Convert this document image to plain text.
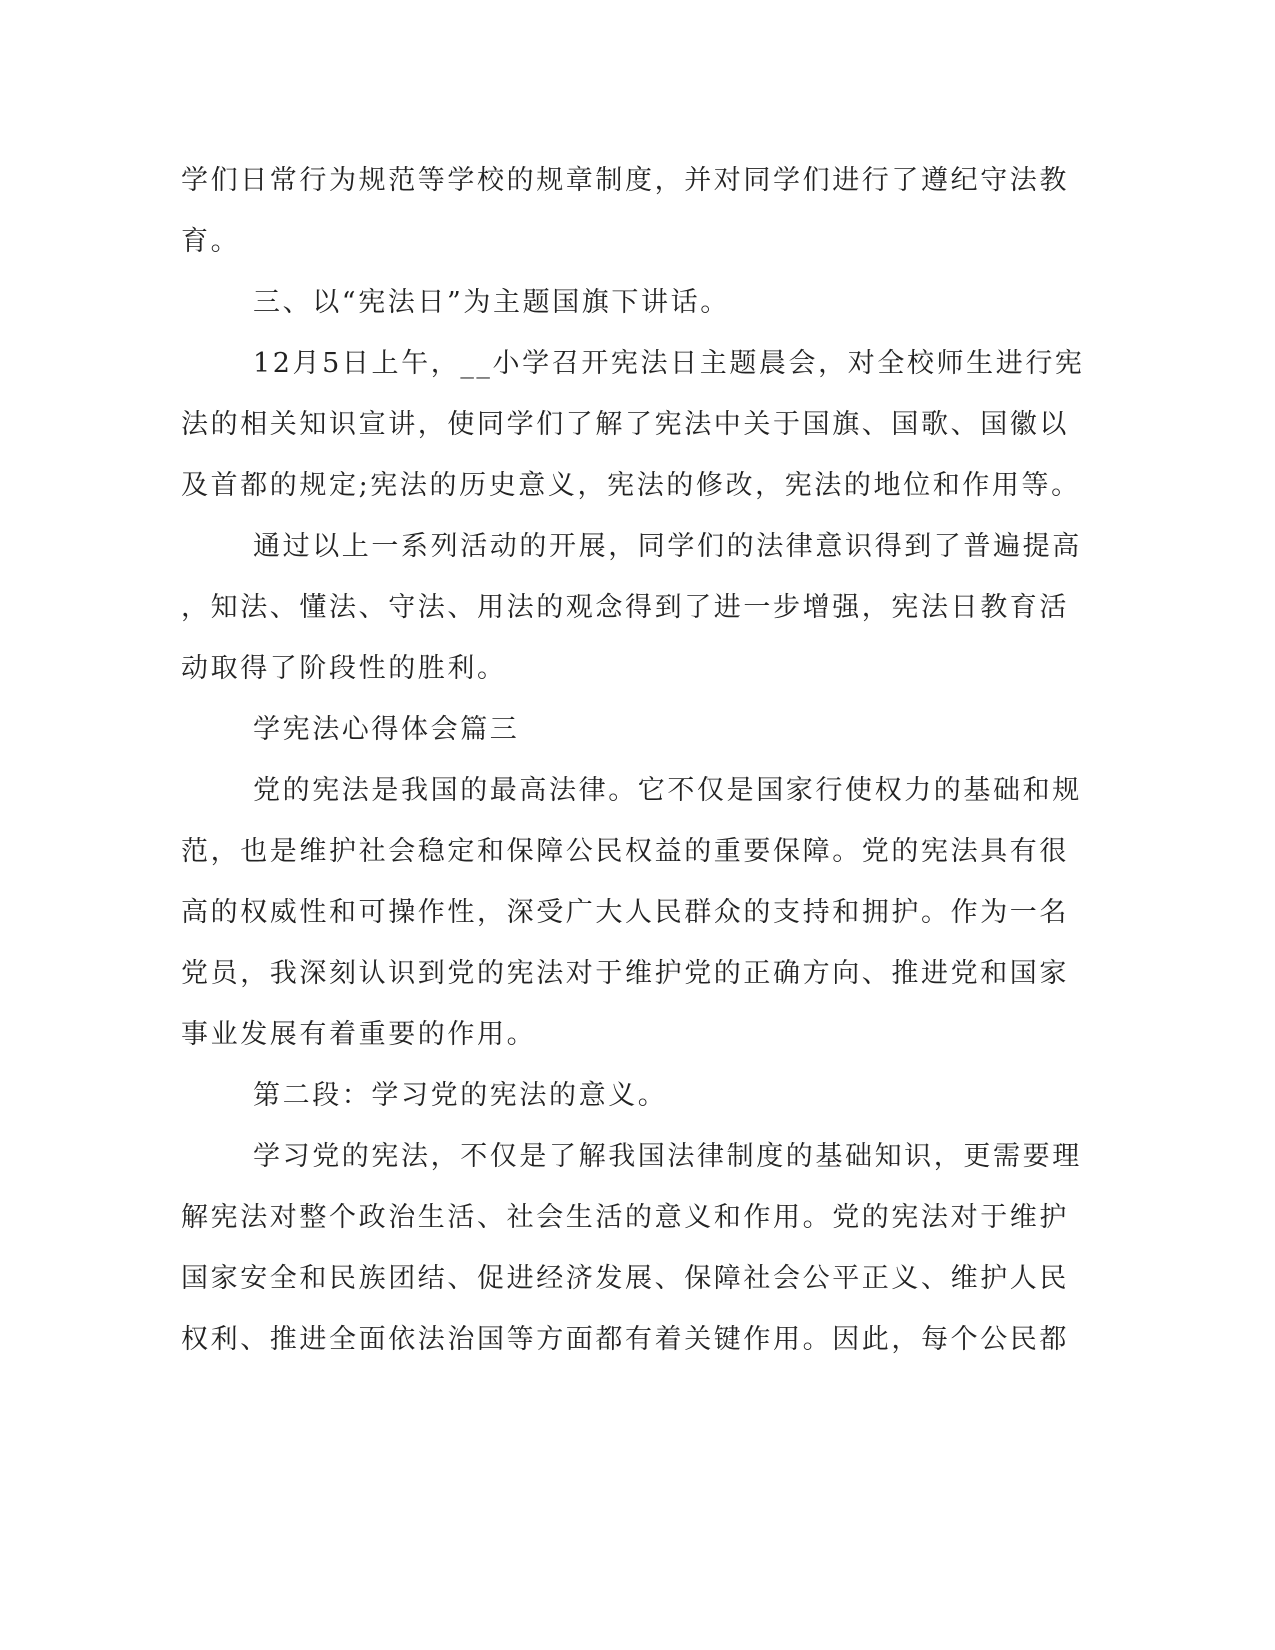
学们日常行为规范等学校的规章制度，并对同学们进行了遵纪守法教
育。
三、以“宪法日”为主题国旗下讲话。
12月5日上午，__小学召开宪法日主题晨会，对全校师生进行宪
法的相关知识宣讲，使同学们了解了宪法中关于国旗、国歌、国徽以
及首都的规定;宪法的历史意义，宪法的修改，宪法的地位和作用等。
通过以上一系列活动的开展，同学们的法律意识得到了普遍提高
，知法、懂法、守法、用法的观念得到了进一步增强，宪法日教育活
动取得了阶段性的胜利。
学宪法心得体会篇三
党的宪法是我国的最高法律。它不仅是国家行使权力的基础和规
范，也是维护社会稳定和保障公民权益的重要保障。党的宪法具有很
高的权威性和可操作性，深受广大人民群众的支持和拥护。作为一名
党员，我深刻认识到党的宪法对于维护党的正确方向、推进党和国家
事业发展有着重要的作用。
第二段：学习党的宪法的意义。
学习党的宪法，不仅是了解我国法律制度的基础知识，更需要理
解宪法对整个政治生活、社会生活的意义和作用。党的宪法对于维护
国家安全和民族团结、促进经济发展、保障社会公平正义、维护人民
权利、推进全面依法治国等方面都有着关键作用。因此，每个公民都
